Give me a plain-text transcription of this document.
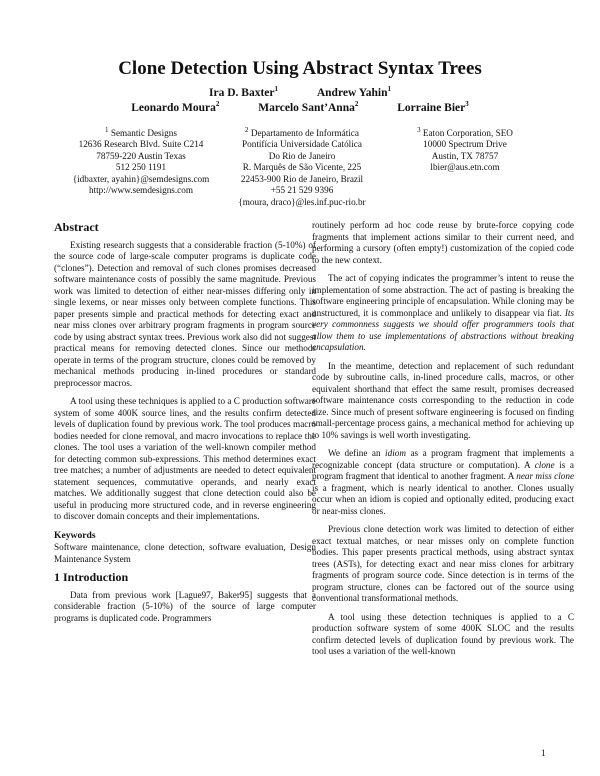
Clone Detection Using Abstract Syntax Trees
Ira D. Baxter$^1$	Andrew Yahin$^1$
Leonardo Moura$^2$	Marcelo Sant’Anna$^2$	Lorraine Bier$^3$
$^1$ Semantic Designs
12636 Research Blvd. Suite C214
78759-220 Austin Texas
512 250 1191
{idbaxter, ayahin}@semdesigns.com
http://www.semdesigns.com
$^2$ Departamento de Informática
Pontifícia Universidade Católica
Do Rio de Janeiro
R. Marquês de São Vicente, 225
22453-900 Rio de Janeiro, Brazil
+55 21 529 9396
{moura, draco}@les.inf.puc-rio.br
$^3$ Eaton Corporation, SEO
10000 Spectrum Drive
Austin, TX 78757
lbier@aus.etn.com
Abstract

Existing research suggests that a considerable fraction (5-10%) of the source code of large-scale computer programs is duplicate code (“clones”). Detection and removal of such clones promises decreased software maintenance costs of possibly the same magnitude. Previous work was limited to detection of either near-misses differing only in single lexems, or near misses only between complete functions. This paper presents simple and practical methods for detecting exact and near miss clones over arbitrary program fragments in program source code by using abstract syntax trees. Previous work also did not suggest practical means for removing detected clones. Since our methods operate in terms of the program structure, clones could be removed by mechanical methods producing in-lined procedures or standard preprocessor macros.

A tool using these techniques is applied to a C production software system of some 400K source lines, and the results confirm detected levels of duplication found by previous work. The tool produces macro bodies needed for clone removal, and macro invocations to replace the clones. The tool uses a variation of the well-known compiler method for detecting common sub-expressions. This method determines exact tree matches; a number of adjustments are needed to detect equivalent statement sequences, commutative operands, and nearly exact matches. We additionally suggest that clone detection could also be useful in producing more structured code, and in reverse engineering to discover domain concepts and their implementations.

Keywords

Software maintenance, clone detection, software evaluation, Design Maintenance System

1 Introduction

Data from previous work [Lague97, Baker95] suggests that a considerable fraction (5-10%) of the source of large computer programs is duplicated code. Programmers

routinely perform ad hoc code reuse by brute-force copying code fragments that implement actions similar to their current need, and performing a cursory (often empty!) customization of the copied code to the new context.

The act of copying indicates the programmer’s intent to reuse the implementation of some abstraction. The act of pasting is breaking the software engineering principle of encapsulation. While cloning may be unstructured, it is commonplace and unlikely to disappear via fiat. Its very commonness suggests we should offer programmers tools that allow them to use implementations of abstractions without breaking encapsulation.

In the meantime, detection and replacement of such redundant code by subroutine calls, in-lined procedure calls, macros, or other equivalent shorthand that effect the same result, promises decreased software maintenance costs corresponding to the reduction in code size. Since much of present software engineering is focused on finding small-percentage process gains, a mechanical method for achieving up to 10% savings is well worth investigating.

We define an idiom as a program fragment that implements a recognizable concept (data structure or computation). A clone is a program fragment that identical to another fragment. A near miss clone is a fragment, which is nearly identical to another. Clones usually occur when an idiom is copied and optionally edited, producing exact or near-miss clones.

Previous clone detection work was limited to detection of either exact textual matches, or near misses only on complete function bodies. This paper presents practical methods, using abstract syntax trees (ASTs), for detecting exact and near miss clones for arbitrary fragments of program source code. Since detection is in terms of the program structure, clones can be factored out of the source using conventional transformational methods.

A tool using these detection techniques is applied to a C production software system of some 400K SLOC and the results confirm detected levels of duplication found by previous work. The tool uses a variation of the well-known

1
